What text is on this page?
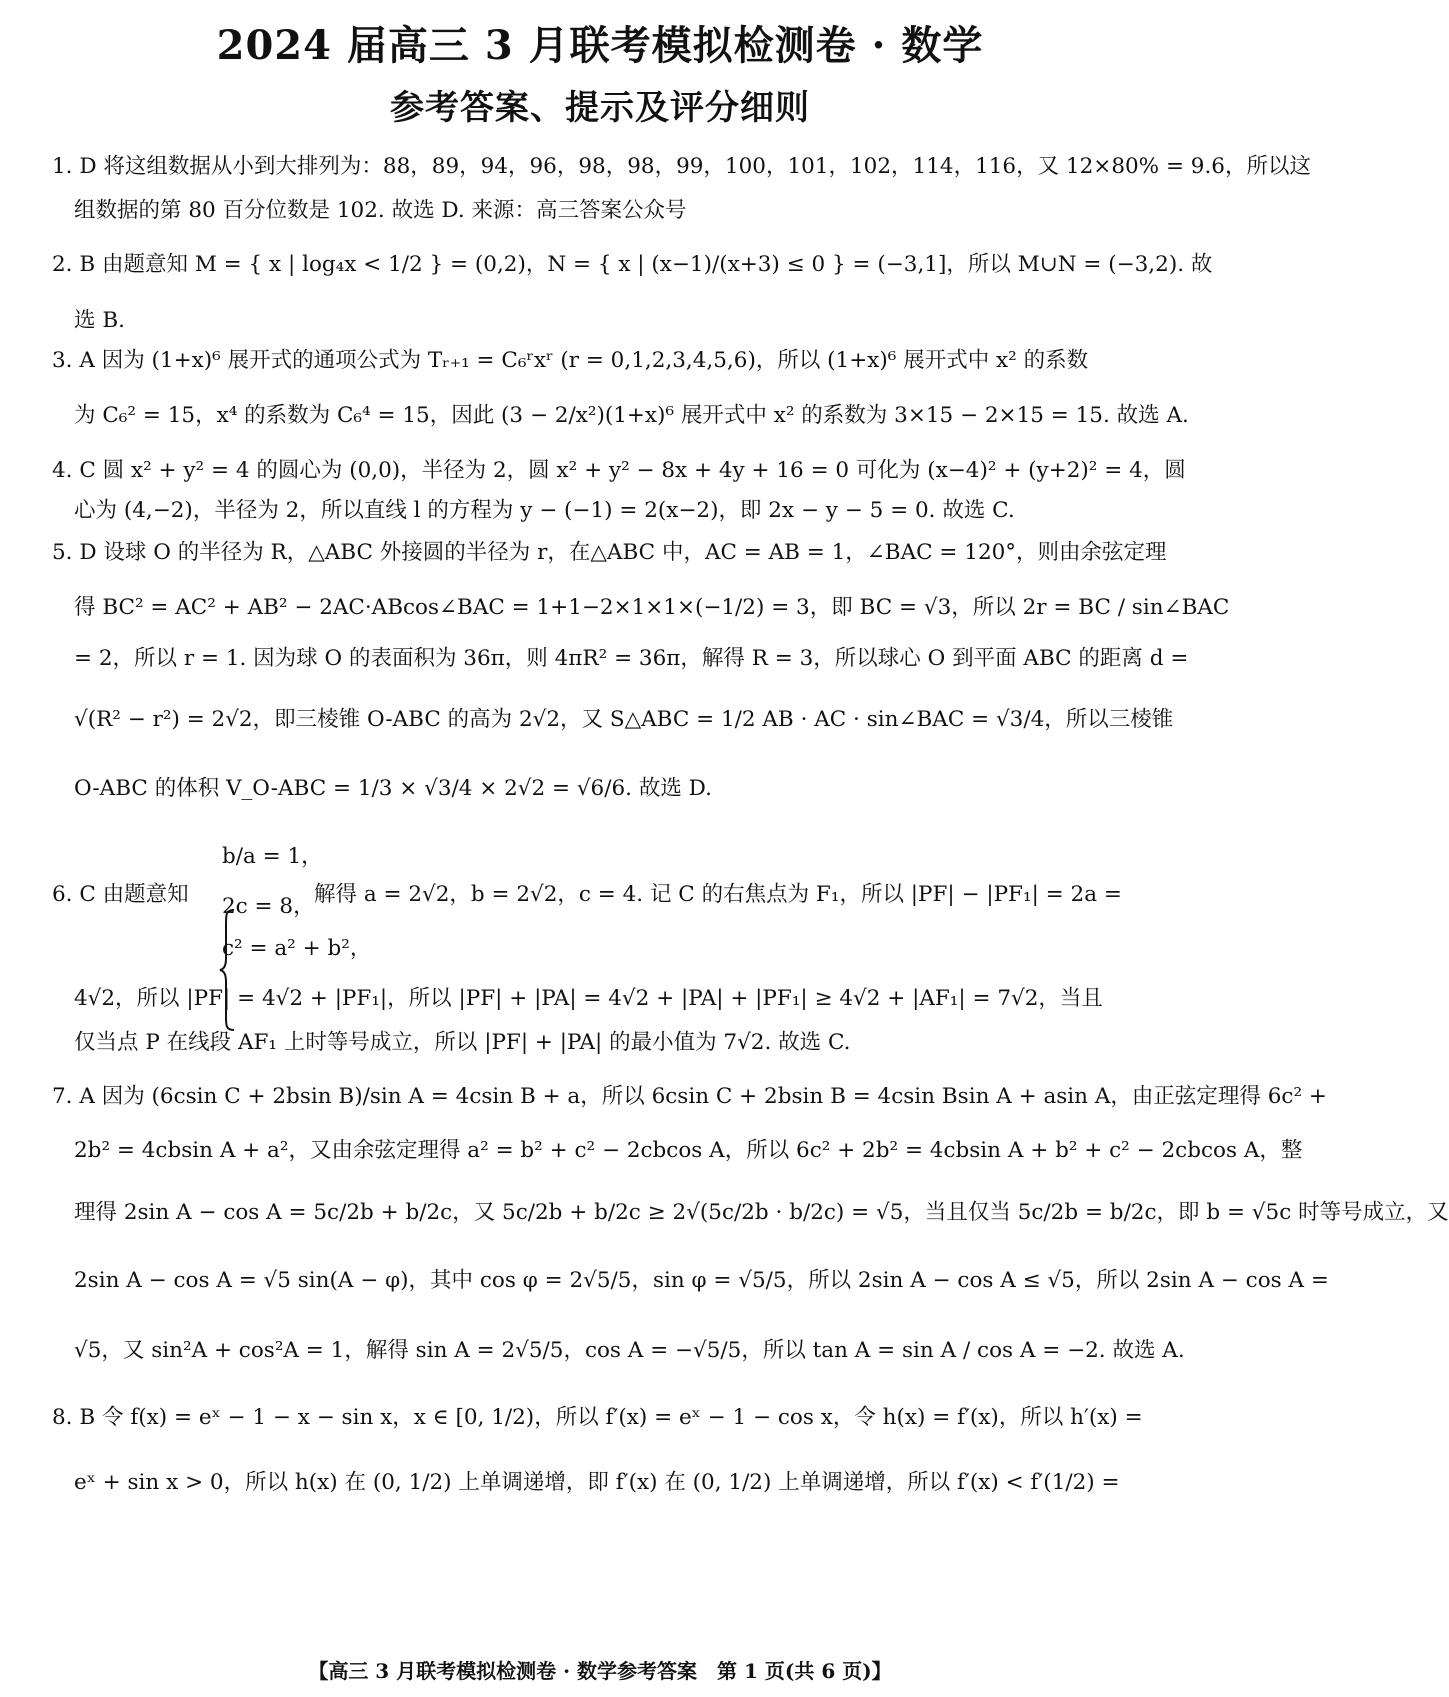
2024 届高三 3 月联考模拟检测卷 · 数学
参考答案、提示及评分细则
1. D 将这组数据从小到大排列为：88，89，94，96，98，98，99，100，101，102，114，116，又 12×80% = 9.6，所以这
组数据的第 80 百分位数是 102. 故选 D. 来源：高三答案公众号
2. B 由题意知 M = { x | log₄x < 1/2 } = (0,2)，N = { x | (x−1)/(x+3) ≤ 0 } = (−3,1]，所以 M∪N = (−3,2). 故
选 B.
3. A 因为 (1+x)⁶ 展开式的通项公式为 Tᵣ₊₁ = C₆ʳxʳ (r = 0,1,2,3,4,5,6)，所以 (1+x)⁶ 展开式中 x² 的系数
为 C₆² = 15，x⁴ 的系数为 C₆⁴ = 15，因此 (3 − 2/x²)(1+x)⁶ 展开式中 x² 的系数为 3×15 − 2×15 = 15. 故选 A.
4. C 圆 x² + y² = 4 的圆心为 (0,0)，半径为 2，圆 x² + y² − 8x + 4y + 16 = 0 可化为 (x−4)² + (y+2)² = 4，圆
心为 (4,−2)，半径为 2，所以直线 l 的方程为 y − (−1) = 2(x−2)，即 2x − y − 5 = 0. 故选 C.
5. D 设球 O 的半径为 R，△ABC 外接圆的半径为 r，在△ABC 中，AC = AB = 1，∠BAC = 120°，则由余弦定理
得 BC² = AC² + AB² − 2AC·ABcos∠BAC = 1+1−2×1×1×(−1/2) = 3，即 BC = √3，所以 2r = BC / sin∠BAC
= 2，所以 r = 1. 因为球 O 的表面积为 36π，则 4πR² = 36π，解得 R = 3，所以球心 O 到平面 ABC 的距离 d =
√(R² − r²) = 2√2，即三棱锥 O-ABC 的高为 2√2，又 S△ABC = 1/2 AB · AC · sin∠BAC = √3/4，所以三棱锥
O-ABC 的体积 V_O-ABC = 1/3 × √3/4 × 2√2 = √6/6. 故选 D.
6. C 由题意知
b/a = 1，
2c = 8，
c² = a² + b²，
解得 a = 2√2，b = 2√2，c = 4. 记 C 的右焦点为 F₁，所以 |PF| − |PF₁| = 2a =
4√2，所以 |PF| = 4√2 + |PF₁|，所以 |PF| + |PA| = 4√2 + |PA| + |PF₁| ≥ 4√2 + |AF₁| = 7√2，当且
仅当点 P 在线段 AF₁ 上时等号成立，所以 |PF| + |PA| 的最小值为 7√2. 故选 C.
7. A 因为 (6csin C + 2bsin B)/sin A = 4csin B + a，所以 6csin C + 2bsin B = 4csin Bsin A + asin A，由正弦定理得 6c² +
2b² = 4cbsin A + a²，又由余弦定理得 a² = b² + c² − 2cbcos A，所以 6c² + 2b² = 4cbsin A + b² + c² − 2cbcos A，整
理得 2sin A − cos A = 5c/2b + b/2c，又 5c/2b + b/2c ≥ 2√(5c/2b · b/2c) = √5，当且仅当 5c/2b = b/2c，即 b = √5c 时等号成立，又
2sin A − cos A = √5 sin(A − φ)，其中 cos φ = 2√5/5，sin φ = √5/5，所以 2sin A − cos A ≤ √5，所以 2sin A − cos A =
√5，又 sin²A + cos²A = 1，解得 sin A = 2√5/5，cos A = −√5/5，所以 tan A = sin A / cos A = −2. 故选 A.
8. B 令 f(x) = eˣ − 1 − x − sin x，x ∈ [0, 1/2)，所以 f′(x) = eˣ − 1 − cos x，令 h(x) = f′(x)，所以 h′(x) =
eˣ + sin x > 0，所以 h(x) 在 (0, 1/2) 上单调递增，即 f′(x) 在 (0, 1/2) 上单调递增，所以 f′(x) < f′(1/2) =
【高三 3 月联考模拟检测卷 · 数学参考答案　第 1 页(共 6 页)】
